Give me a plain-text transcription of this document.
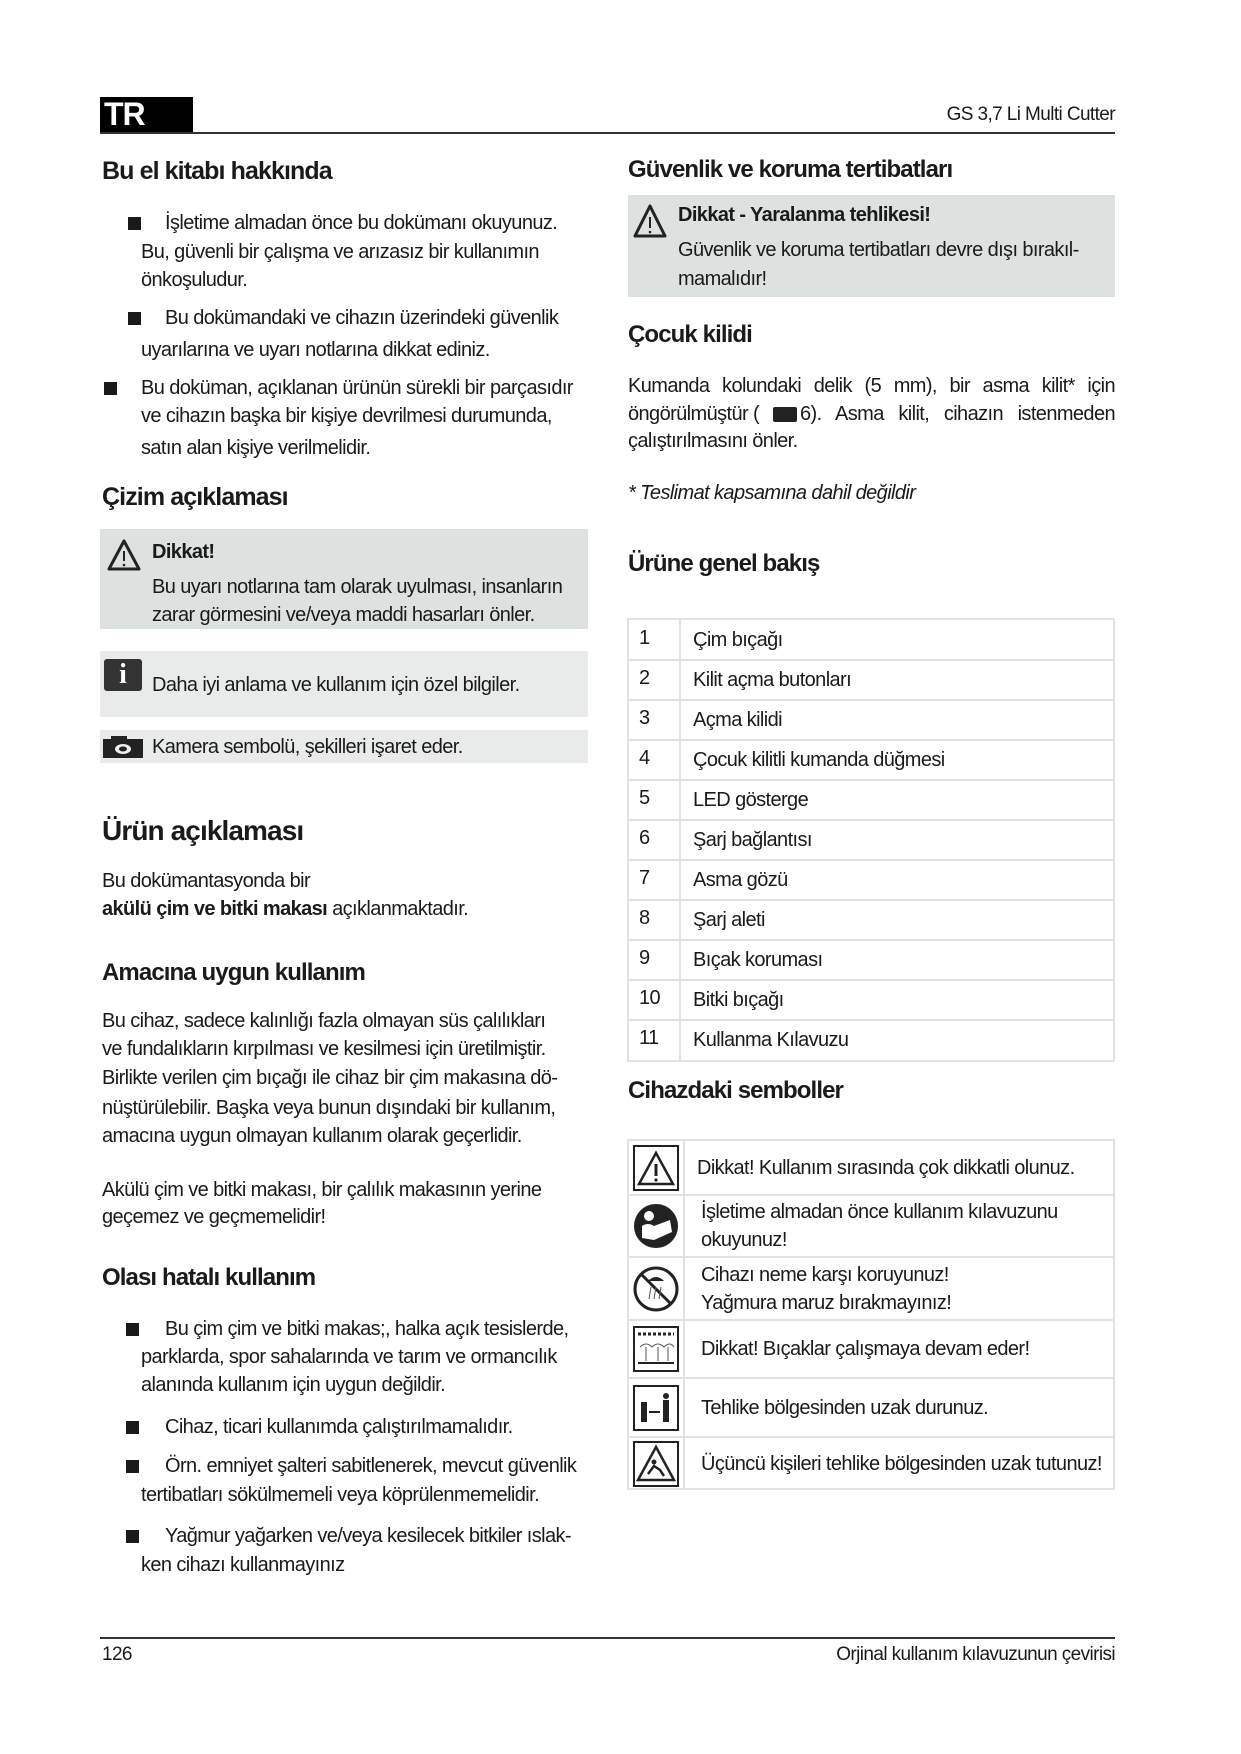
TR	GS 3,7 Li Multi Cutter
Bu el kitabı hakkında
İşletime almadan önce bu dokümanı okuyunuz.
Bu, güvenli bir çalışma ve arızasız bir kullanımın
önkoşuludur.
Bu dokümandaki ve cihazın üzerindeki güvenlik
uyarılarına ve uyarı notlarına dikkat ediniz.
Bu doküman, açıklanan ürünün sürekli bir parçasıdır
ve cihazın başka bir kişiye devrilmesi durumunda,
satın alan kişiye verilmelidir.
Çizim açıklaması
Dikkat!
Bu uyarı notlarına tam olarak uyulması, insanların
zarar görmesini ve/veya maddi hasarları önler.
i	Daha iyi anlama ve kullanım için özel bilgiler.
Kamera sembolü, şekilleri işaret eder.
Ürün açıklaması
Bu dokümantasyonda bir
akülü çim ve bitki makası açıklanmaktadır.
Amacına uygun kullanım
Bu cihaz, sadece kalınlığı fazla olmayan süs çalılıkları
ve fundalıkların kırpılması ve kesilmesi için üretilmiştir.
Birlikte verilen çim bıçağı ile cihaz bir çim makasına dö-
nüştürülebilir. Başka veya bunun dışındaki bir kullanım,
amacına uygun olmayan kullanım olarak geçerlidir.
Akülü çim ve bitki makası, bir çalılık makasının yerine
geçemez ve geçmemelidir!
Olası hatalı kullanım
Bu çim çim ve bitki makas;, halka açık tesislerde,
parklarda, spor sahalarında ve tarım ve ormancılık
alanında kullanım için uygun değildir.
Cihaz, ticari kullanımda çalıştırılmamalıdır.
Örn. emniyet şalteri sabitlenerek, mevcut güvenlik
tertibatları sökülmemeli veya köprülenmemelidir.
Yağmur yağarken ve/veya kesilecek bitkiler ıslak-
ken cihazı kullanmayınız
Güvenlik ve koruma tertibatları
Dikkat - Yaralanma tehlikesi!
Güvenlik ve koruma tertibatları devre dışı bırakıl-
mamalıdır!
Çocuk kilidi
Kumanda kolundaki delik (5 mm), bir asma kilit* için
öngörülmüştür ( 6). Asma kilit, cihazın istenmeden
çalıştırılmasını önler.
* Teslimat kapsamına dahil değildir
Ürüne genel bakış
1 Çim bıçağı
2 Kilit açma butonları
3 Açma kilidi
4 Çocuk kilitli kumanda düğmesi
5 LED gösterge
6 Şarj bağlantısı
7 Asma gözü
8 Şarj aleti
9 Bıçak koruması
10 Bitki bıçağı
11 Kullanma Kılavuzu
Cihazdaki semboller
Dikkat! Kullanım sırasında çok dikkatli olunuz.
İşletime almadan önce kullanım kılavuzunu
okuyunuz!
Cihazı neme karşı koruyunuz!
Yağmura maruz bırakmayınız!
Dikkat! Bıçaklar çalışmaya devam eder!
Tehlike bölgesinden uzak durunuz.
Üçüncü kişileri tehlike bölgesinden uzak tutunuz!
126	Orjinal kullanım kılavuzunun çevirisi
